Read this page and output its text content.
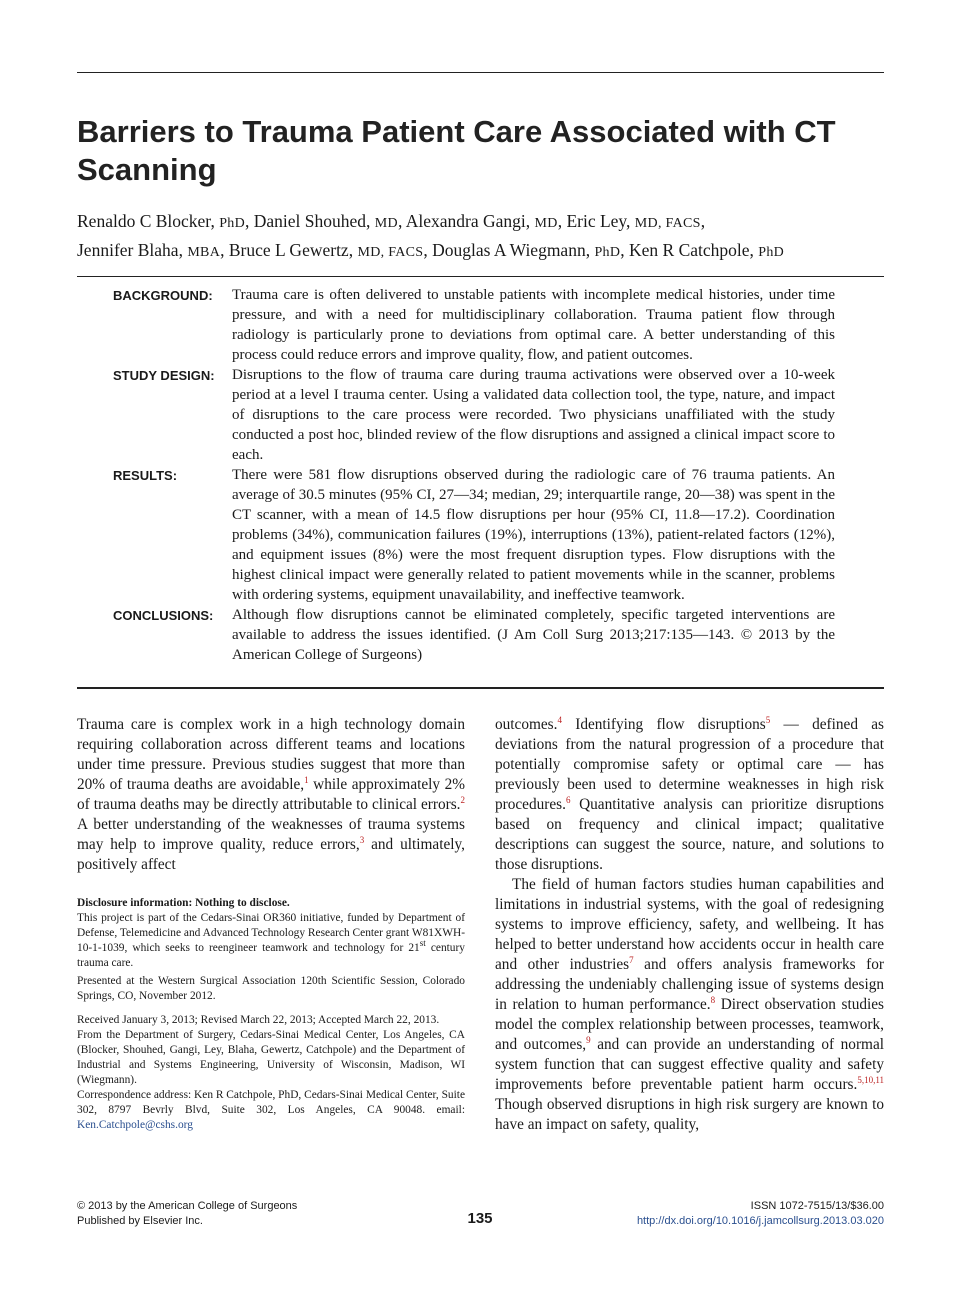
Barriers to Trauma Patient Care Associated with CT Scanning
Renaldo C Blocker, PhD, Daniel Shouhed, MD, Alexandra Gangi, MD, Eric Ley, MD, FACS,
Jennifer Blaha, MBA, Bruce L Gewertz, MD, FACS, Douglas A Wiegmann, PhD, Ken R Catchpole, PhD
BACKGROUND:	Trauma care is often delivered to unstable patients with incomplete medical histories, under time pressure, and with a need for multidisciplinary collaboration. Trauma patient flow through radiology is particularly prone to deviations from optimal care. A better understanding of this process could reduce errors and improve quality, flow, and patient outcomes.
STUDY DESIGN:	Disruptions to the flow of trauma care during trauma activations were observed over a 10-week period at a level I trauma center. Using a validated data collection tool, the type, nature, and impact of disruptions to the care process were recorded. Two physicians unaffiliated with the study conducted a post hoc, blinded review of the flow disruptions and assigned a clinical impact score to each.
RESULTS:	There were 581 flow disruptions observed during the radiologic care of 76 trauma patients. An average of 30.5 minutes (95% CI, 27—34; median, 29; interquartile range, 20—38) was spent in the CT scanner, with a mean of 14.5 flow disruptions per hour (95% CI, 11.8—17.2). Coordination problems (34%), communication failures (19%), interruptions (13%), patient-related factors (12%), and equipment issues (8%) were the most frequent disruption types. Flow disruptions with the highest clinical impact were generally related to patient movements while in the scanner, problems with ordering systems, equipment unavailability, and ineffective teamwork.
CONCLUSIONS:	Although flow disruptions cannot be eliminated completely, specific targeted interventions are available to address the issues identified. (J Am Coll Surg 2013;217:135—143. © 2013 by the American College of Surgeons)

Trauma care is complex work in a high technology domain requiring collaboration across different teams and locations under time pressure. Previous studies suggest that more than 20% of trauma deaths are avoidable,$^1$ while approximately 2% of trauma deaths may be directly attributable to clinical errors.$^2$ A better understanding of the weaknesses of trauma systems may help to improve quality, reduce errors,$^3$ and ultimately, positively affect

Disclosure information: Nothing to disclose.

This project is part of the Cedars-Sinai OR360 initiative, funded by Department of Defense, Telemedicine and Advanced Technology Research Center grant W81XWH-10-1-1039, which seeks to reengineer teamwork and technology for 21st century trauma care.

Presented at the Western Surgical Association 120th Scientific Session, Colorado Springs, CO, November 2012.

Received January 3, 2013; Revised March 22, 2013; Accepted March 22, 2013.

From the Department of Surgery, Cedars-Sinai Medical Center, Los Angeles, CA (Blocker, Shouhed, Gangi, Ley, Blaha, Gewertz, Catchpole) and the Department of Industrial and Systems Engineering, University of Wisconsin, Madison, WI (Wiegmann).

Correspondence address: Ken R Catchpole, PhD, Cedars-Sinai Medical Center, Suite 302, 8797 Bevrly Blvd, Suite 302, Los Angeles, CA 90048. email: Ken.Catchpole@cshs.org

outcomes.$^4$ Identifying flow disruptions$^5$ — defined as deviations from the natural progression of a procedure that potentially compromise safety or optimal care — has previously been used to determine weaknesses in high risk procedures.$^6$ Quantitative analysis can prioritize disruptions based on frequency and clinical impact; qualitative descriptions can suggest the source, nature, and solutions to those disruptions.

The field of human factors studies human capabilities and limitations in industrial systems, with the goal of redesigning systems to improve efficiency, safety, and wellbeing. It has helped to better understand how accidents occur in health care and other industries$^7$ and offers analysis frameworks for addressing the undeniably challenging issue of systems design in relation to human performance.$^8$ Direct observation studies model the complex relationship between processes, teamwork, and outcomes,$^9$ and can provide an understanding of normal system function that can suggest effective quality and safety improvements before preventable patient harm occurs.$^{5,10,11}$ Though observed disruptions in high risk surgery are known to have an impact on safety, quality,

© 2013 by the American College of Surgeons
Published by Elsevier Inc.	135
ISSN 1072-7515/13/$36.00
http://dx.doi.org/10.1016/j.jamcollsurg.2013.03.020
